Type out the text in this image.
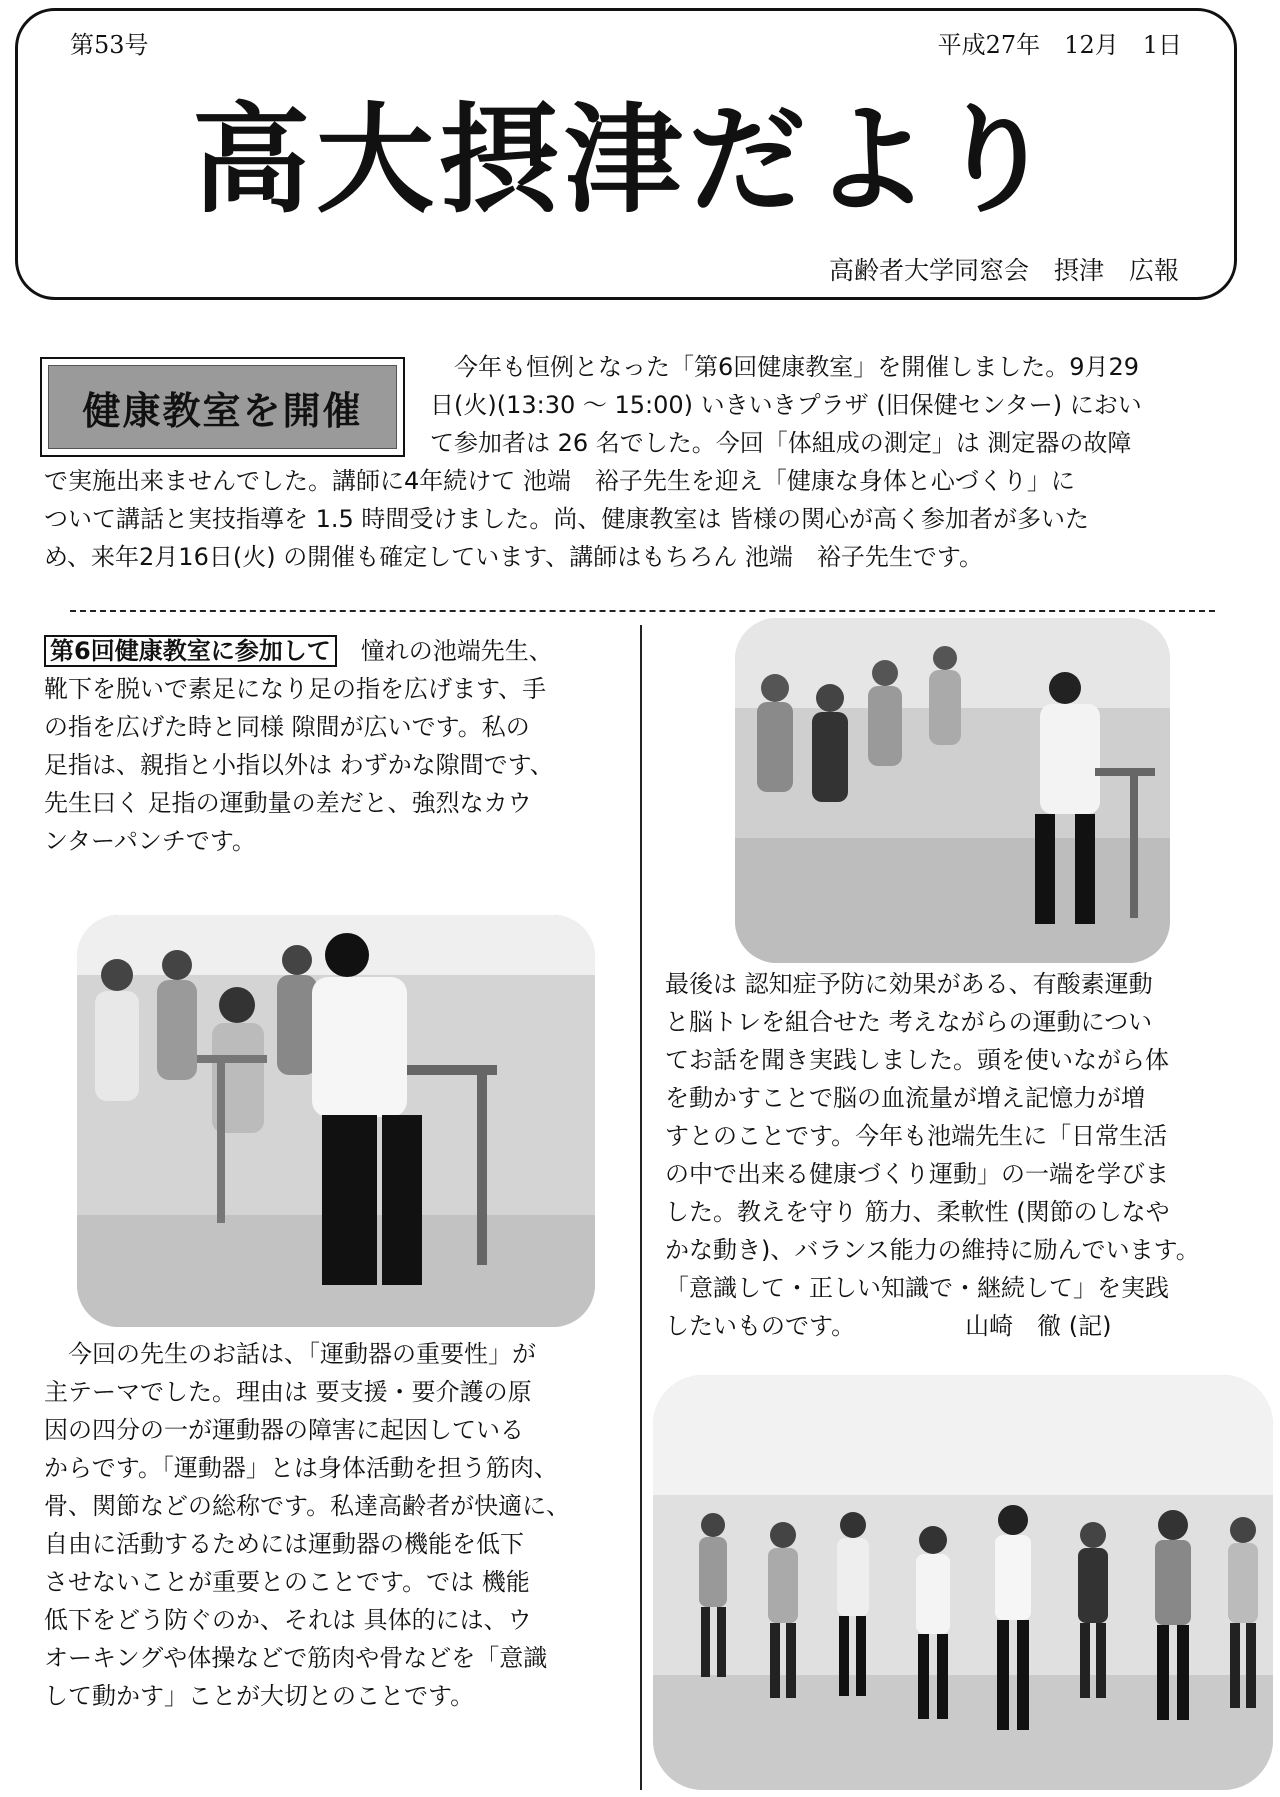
第53号	平成27年　12月　1日
高大摂津だより
高齢者大学同窓会　摂津　広報
健康教室を開催

　今年も恒例となった「第6回健康教室」を開催しました。9月29

日(火)(13:30 〜 15:00) いきいきプラザ (旧保健センター) におい

て参加者は 26 名でした。今回「体組成の測定」は 測定器の故障

で実施出来ませんでした。講師に4年続けて 池端　裕子先生を迎え「健康な身体と心づくり」に

ついて講話と実技指導を 1.5 時間受けました。尚、健康教室は 皆様の関心が高く参加者が多いた

め、来年2月16日(火) の開催も確定しています、講師はもちろん 池端　裕子先生です。

第6回健康教室に参加して　憧れの池端先生、

靴下を脱いで素足になり足の指を広げます、手

の指を広げた時と同様 隙間が広いです。私の

足指は、親指と小指以外は わずかな隙間です、

先生曰く 足指の運動量の差だと、強烈なカウ

ンターパンチです。

　今回の先生のお話は、「運動器の重要性」が

主テーマでした。理由は 要支援・要介護の原

因の四分の一が運動器の障害に起因している

からです。「運動器」とは身体活動を担う筋肉、

骨、関節などの総称です。私達高齢者が快適に、

自由に活動するためには運動器の機能を低下

させないことが重要とのことです。では 機能

低下をどう防ぐのか、それは 具体的には、ウ

オーキングや体操などで筋肉や骨などを「意識

して動かす」ことが大切とのことです。

最後は 認知症予防に効果がある、有酸素運動

と脳トレを組合せた 考えながらの運動につい

てお話を聞き実践しました。頭を使いながら体

を動かすことで脳の血流量が増え記憶力が増

すとのことです。今年も池端先生に「日常生活

の中で出来る健康づくり運動」の一端を学びま

した。教えを守り 筋力、柔軟性 (関節のしなや

かな動き)、バランス能力の維持に励んでいます。

「意識して・正しい知識で・継続して」を実践

したいものです。	山崎　徹 (記)
